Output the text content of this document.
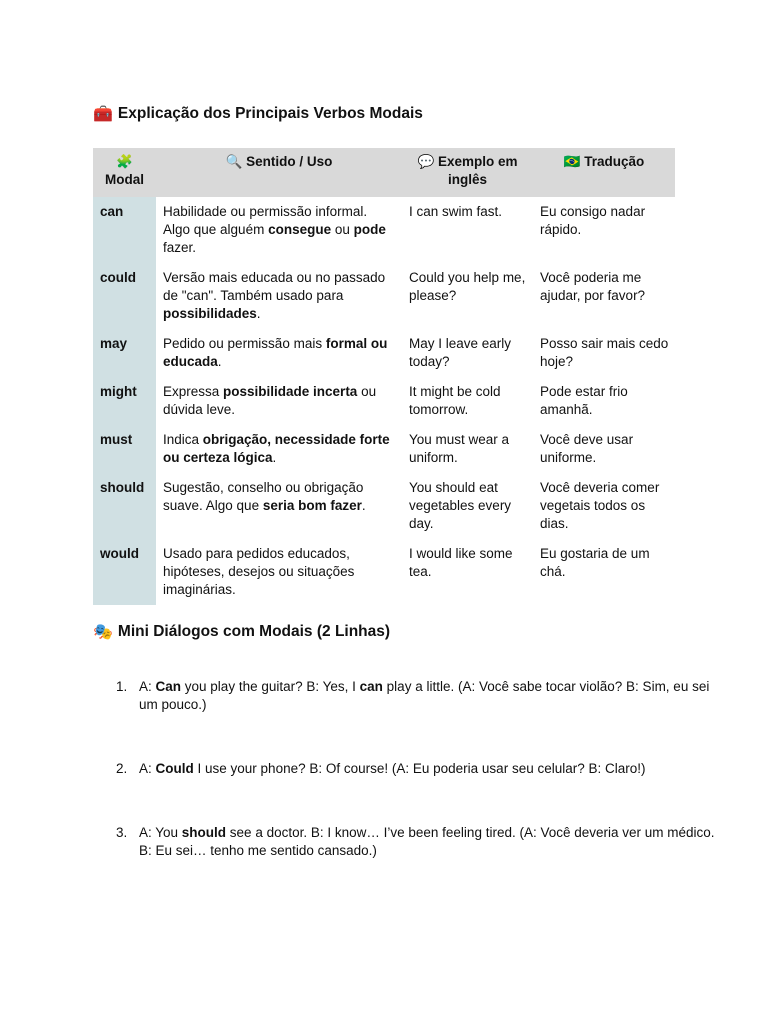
🧰 Explicação dos Principais Verbos Modais
🧩
Modal	🔍 Sentido / Uso	💬 Exemplo em inglês	🇧🇷 Tradução
can	Habilidade ou permissão informal. Algo que alguém consegue ou pode fazer.	I can swim fast.	Eu consigo nadar rápido.
could	Versão mais educada ou no passado de "can". Também usado para possibilidades.	Could you help me, please?	Você poderia me ajudar, por favor?
may	Pedido ou permissão mais formal ou educada.	May I leave early today?	Posso sair mais cedo hoje?
might	Expressa possibilidade incerta ou dúvida leve.	It might be cold tomorrow.	Pode estar frio amanhã.
must	Indica obrigação, necessidade forte ou certeza lógica.	You must wear a uniform.	Você deve usar uniforme.
should	Sugestão, conselho ou obrigação suave. Algo que seria bom fazer.	You should eat vegetables every day.	Você deveria comer vegetais todos os dias.
would	Usado para pedidos educados, hipóteses, desejos ou situações imaginárias.	I would like some tea.	Eu gostaria de um chá.
🎭 Mini Diálogos com Modais (2 Linhas)
1. A: Can you play the guitar? B: Yes, I can play a little. (A: Você sabe tocar violão? B: Sim, eu sei um pouco.)
2. A: Could I use your phone? B: Of course! (A: Eu poderia usar seu celular? B: Claro!)
3. A: You should see a doctor. B: I know… I’ve been feeling tired. (A: Você deveria ver um médico. B: Eu sei… tenho me sentido cansado.)
